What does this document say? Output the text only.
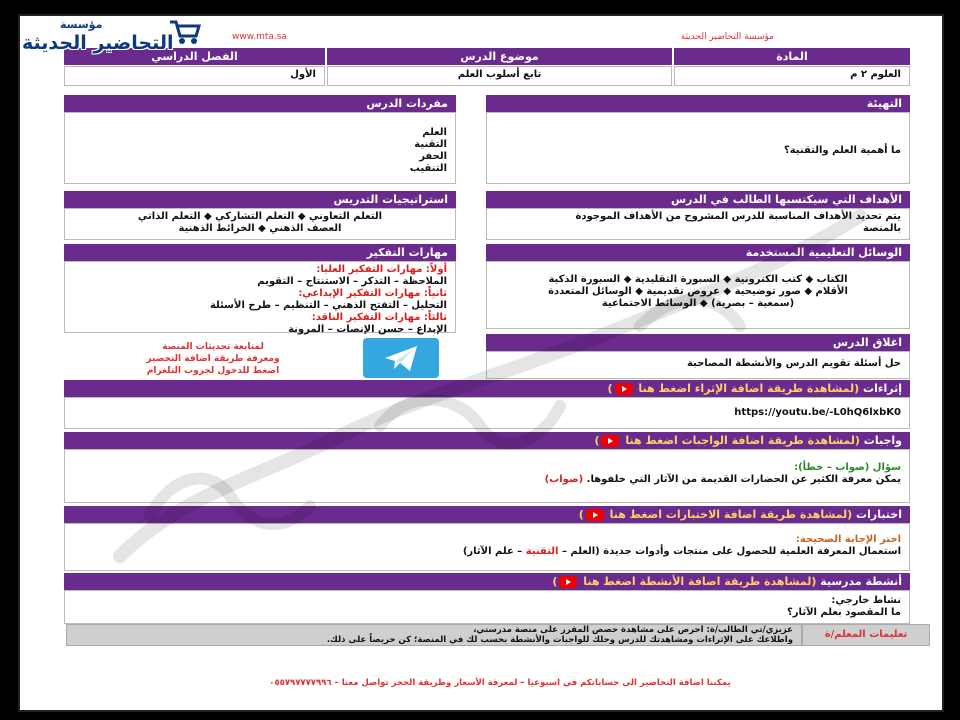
مؤسسة
التحاضير الحديثة	www.mta.sa	مؤسسة التحاضير الحديثة
المادة
موضوع الدرس
الفصل الدراسي
العلوم ٢ م
تابع أسلوب العلم
الأول
التهيئة
ما أهمية العلم والتقنية؟
مفردات الدرس
العلم
التقنية
الحفر
التنقيب
الأهداف التي سيكتسبها الطالب في الدرس
يتم تحديد الأهداف المناسبة للدرس المشروح من الأهداف الموجودة
بالمنصة
استراتيجيات التدريس
التعلم التعاوني ◆ التعلم التشاركي ◆ التعلم الذاتي
العصف الذهني ◆ الخرائط الذهنية
الوسائل التعليمية المستخدمة
الكتاب ◆ كتب الكترونية ◆ السبورة التقليدية ◆ السبورة الذكية
الأقلام ◆ صور توضيحية ◆ عروض تقديمية ◆ الوسائل المتعددة
(سمعية – بصرية) ◆ الوسائط الاجتماعية
مهارات التفكير
أولاً: مهارات التفكير العليا:
الملاحظة – التذكر – الاستنتاج – التقويم
ثانياً: مهارات التفكير الإبداعي:
التحليل – التفتح الذهني – التنظيم – طرح الأسئلة
ثالثاً: مهارات التفكير الناقد:
الإبداع – حسن الإنصات – المرونة
لمتابعة تحديثات المنصة
ومعرفة طريقة اضافة التحضير
اضغط للدخول لجروب التلغرام
اغلاق الدرس
حل أسئلة تقويم الدرس والأنشطة المصاحبة
إثراءات (لمشاهدة طريقة اضافة الإثراء اضغط هنا )
https://youtu.be/-L0hQ6lxbK0
واجبات (لمشاهدة طريقة اضافة الواجبات اضغط هنا )
سؤال (صواب – خطأ):
يمكن معرفة الكثير عن الحضارات القديمة من الآثار التي خلفوها. (صواب)
اختبارات (لمشاهدة طريقة اضافة الاختبارات اضغط هنا )
اختر الإجابة الصحيحة:
استعمال المعرفة العلمية للحصول على منتجات وأدوات جديدة (العلم – التقنية – علم الآثار)
أنشطة مدرسية (لمشاهدة طريقة اضافة الأنشطة اضغط هنا )
نشاط خارجي:
ما المقصود بعلم الآثار؟
تعليمات المعلم/ة
عزيزي/تي الطالب/ة: احرص على مشاهدة حصص المقرر على منصة مدرستي،
واطلاعك على الإثراءات ومشاهدتك للدرس وحلك للواجبات والأنشطة بحسب لك في المنصة؛ كن حريصاً على ذلك.
يمكننا اضافة التحاضير الى حساباتكم في اسبوعيا – لمعرفة الأسعار وطريقة الحجز تواصل معنا – ٠٥٥٧٩٧٧٧٧٩٩٦
